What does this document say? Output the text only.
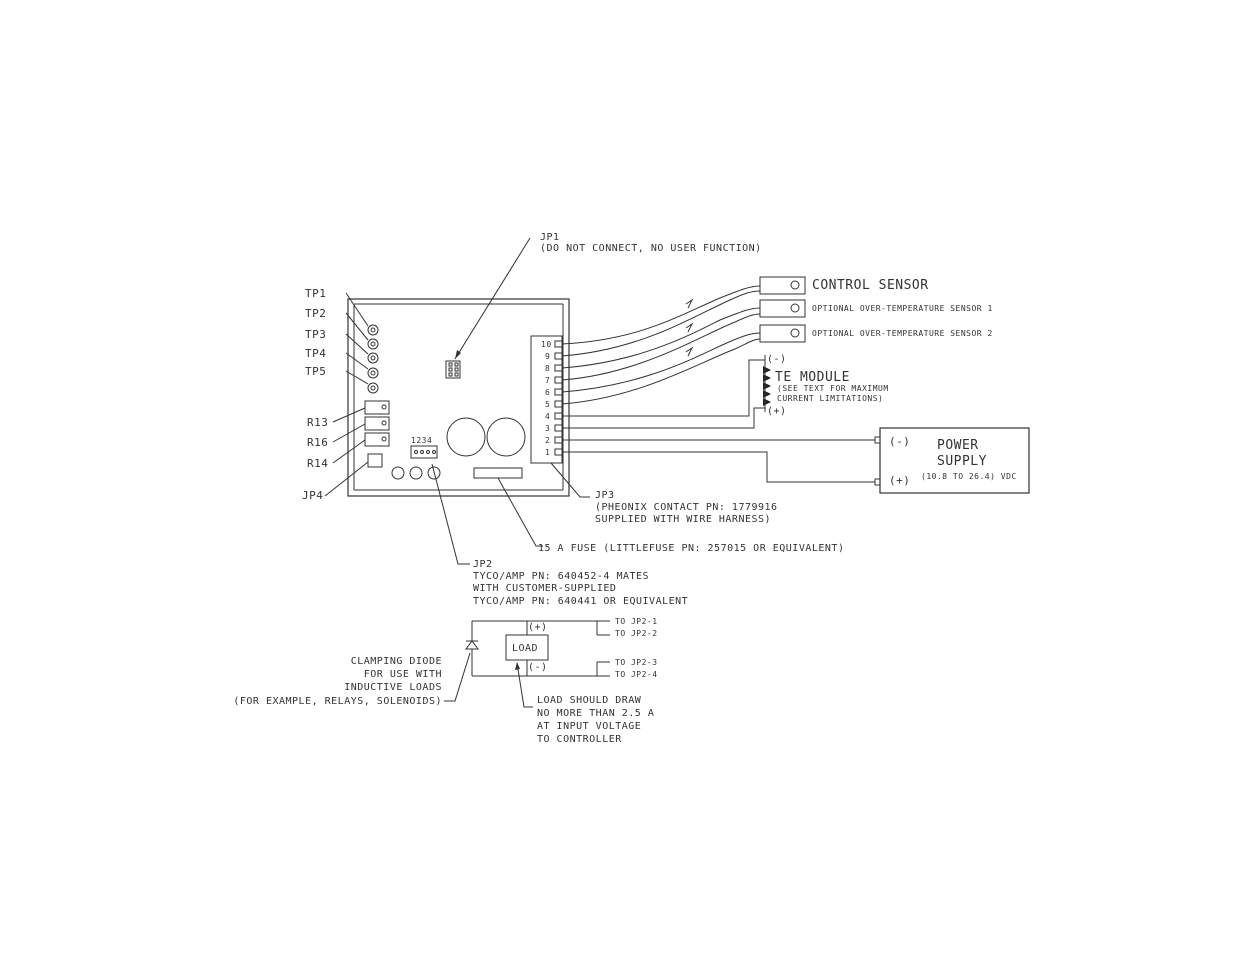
TP1
TP2
TP3
TP4
TP5
R13
R16
R14
JP4
JP1
(DO NOT CONNECT, NO USER FUNCTION)
15 A FUSE (LITTLEFUSE PN: 257015 OR EQUIVALENT)
1234
JP2
TYCO/AMP PN: 640452-4 MATES
WITH CUSTOMER-SUPPLIED
TYCO/AMP PN: 640441 OR EQUIVALENT
10
9
8
7
6
5
4
3
2
1
JP3
(PHEONIX CONTACT PN: 1779916
SUPPLIED WITH WIRE HARNESS)
CONTROL SENSOR
OPTIONAL OVER-TEMPERATURE SENSOR 1
OPTIONAL OVER-TEMPERATURE SENSOR 2
(-)
TE MODULE
(SEE TEXT FOR MAXIMUM
CURRENT LIMITATIONS)
(+)
(-)
(+)
POWER
SUPPLY
(10.8 TO 26.4) VDC
LOAD
(+)
(-)
TO JP2-1
TO JP2-2
TO JP2-3
TO JP2-4
CLAMPING DIODE
FOR USE WITH
INDUCTIVE LOADS
(FOR EXAMPLE, RELAYS, SOLENOIDS)	LOAD SHOULD DRAW
NO MORE THAN 2.5 A
AT INPUT VOLTAGE
TO CONTROLLER
